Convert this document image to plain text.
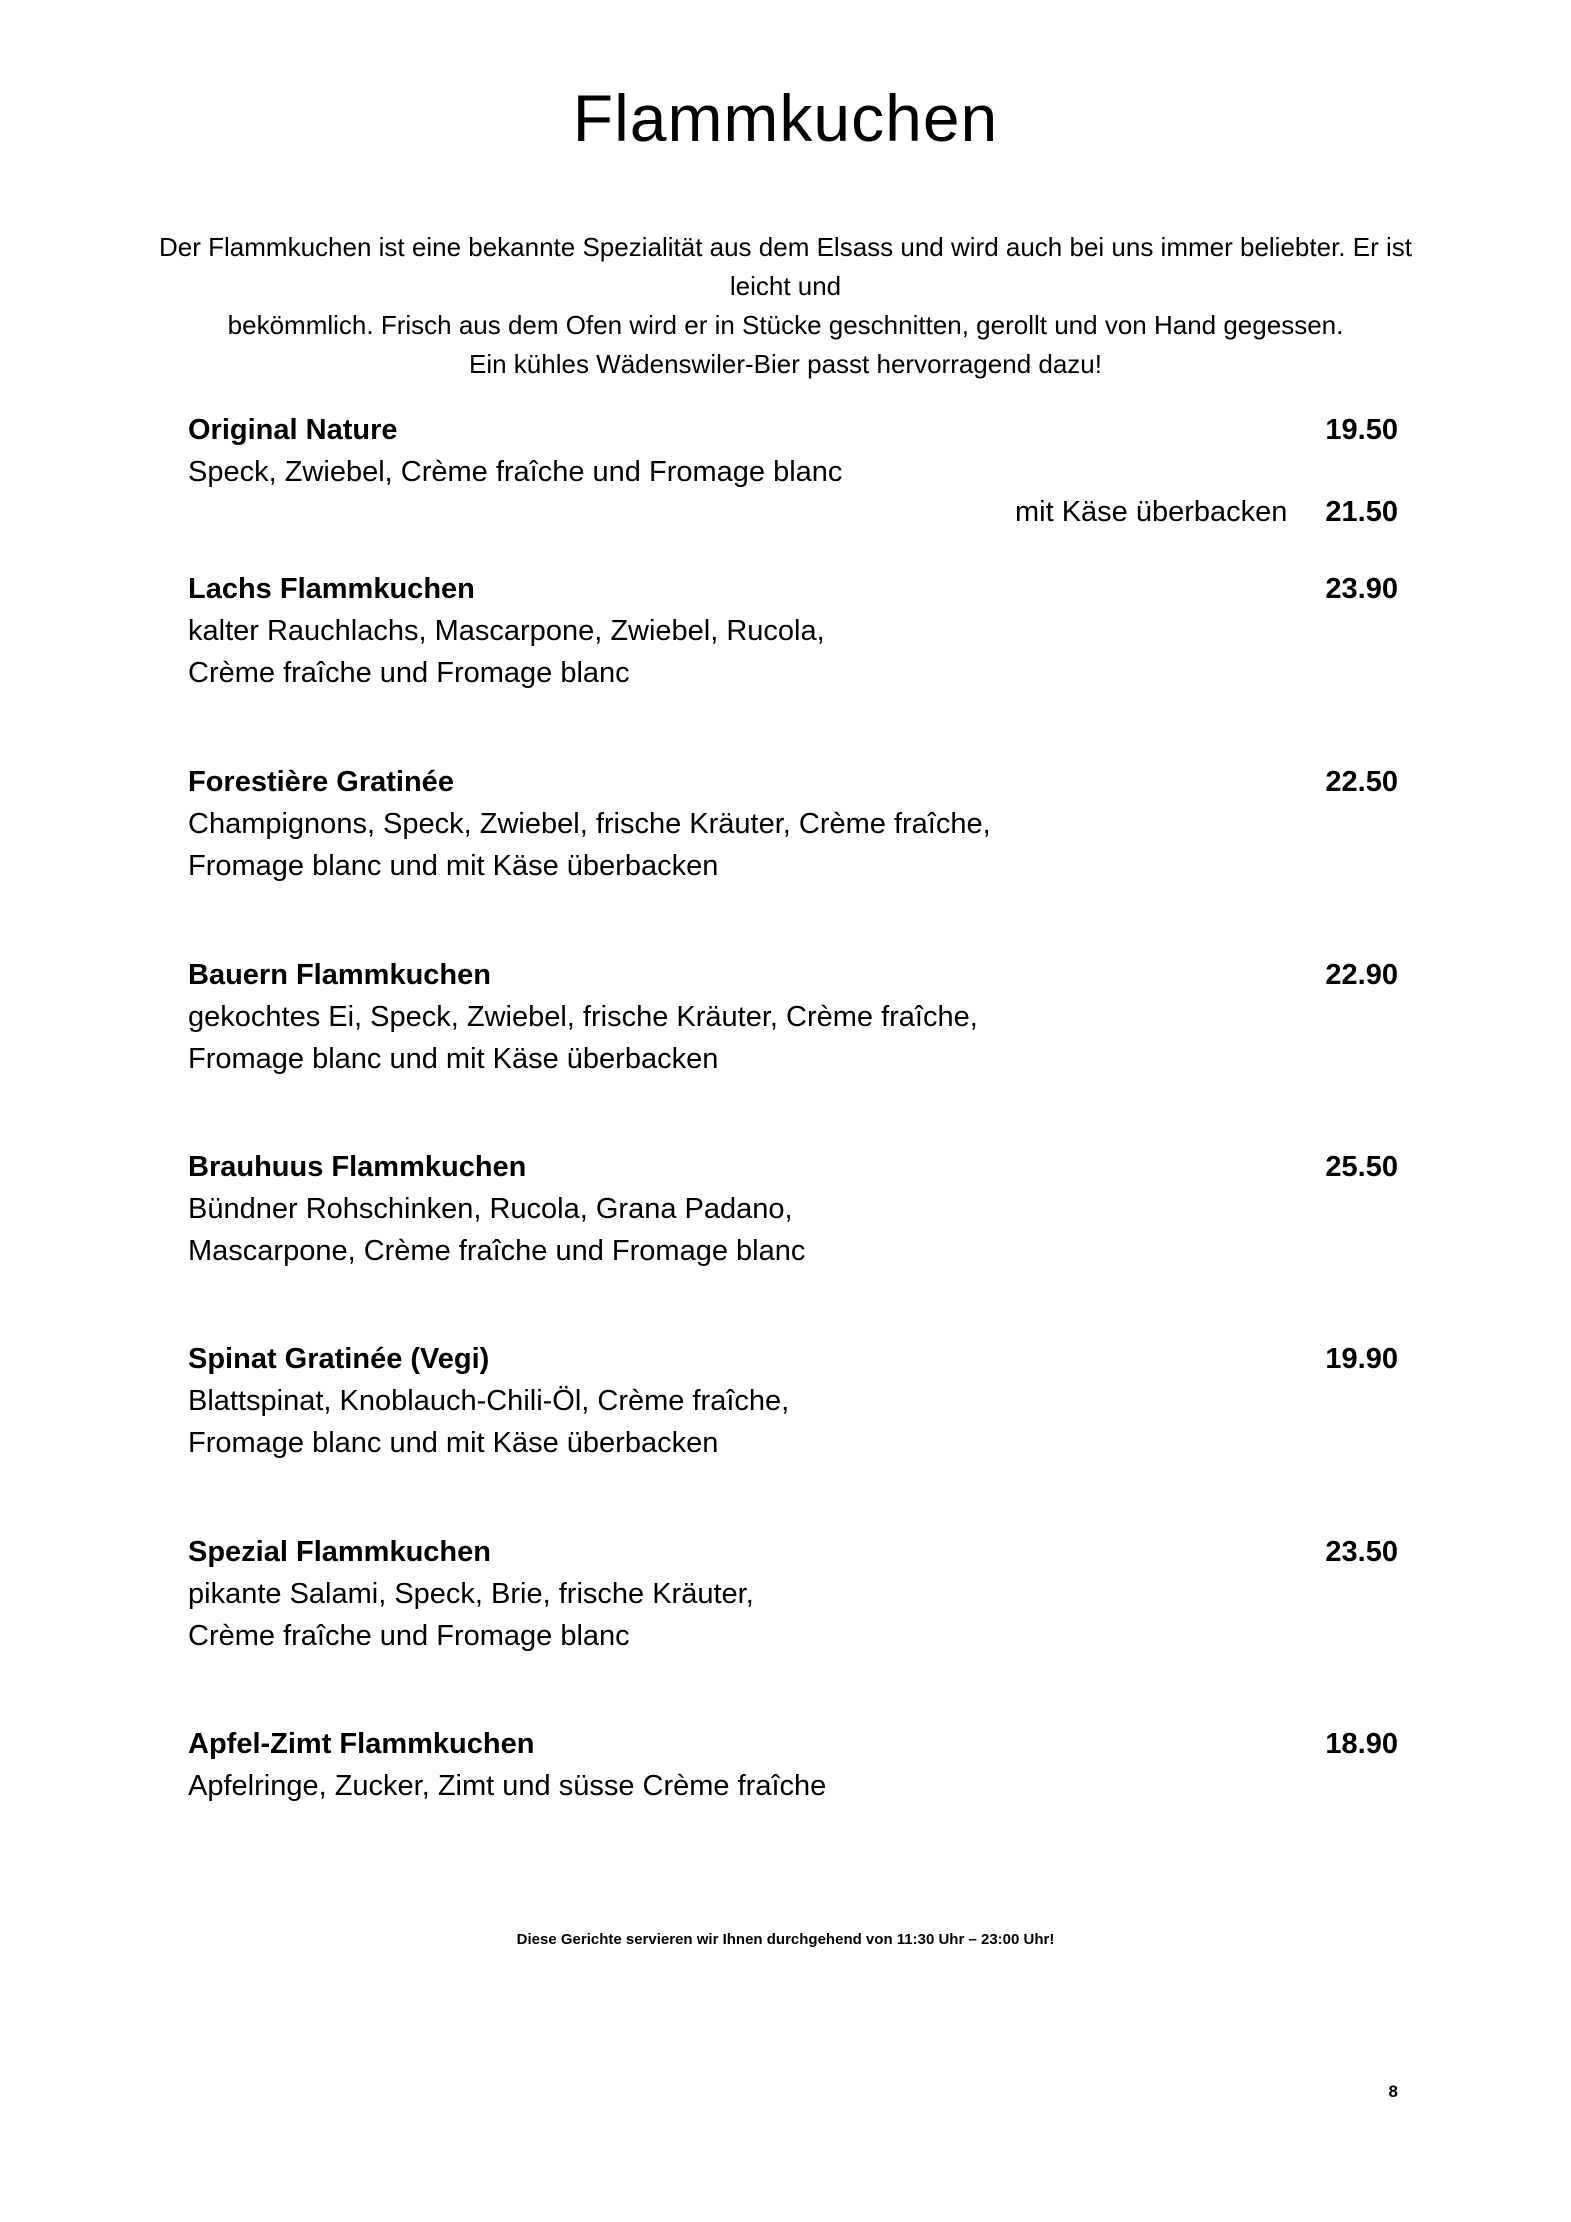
Flammkuchen

Der Flammkuchen ist eine bekannte Spezialität aus dem Elsass und wird auch bei uns immer beliebter. Er ist leicht und
bekömmlich. Frisch aus dem Ofen wird er in Stücke geschnitten, gerollt und von Hand gegessen.
Ein kühles Wädenswiler-Bier passt hervorragend dazu!

Original Nature	19.50
Speck, Zwiebel, Crème fraîche und Fromage blanc
mit Käse überbacken 21.50
Lachs Flammkuchen	23.90
kalter Rauchlachs, Mascarpone, Zwiebel, Rucola,
Crème fraîche und Fromage blanc
Forestière Gratinée	22.50
Champignons, Speck, Zwiebel, frische Kräuter, Crème fraîche,
Fromage blanc und mit Käse überbacken
Bauern Flammkuchen	22.90
gekochtes Ei, Speck, Zwiebel, frische Kräuter, Crème fraîche,
Fromage blanc und mit Käse überbacken
Brauhuus Flammkuchen	25.50
Bündner Rohschinken, Rucola, Grana Padano,
Mascarpone, Crème fraîche und Fromage blanc
Spinat Gratinée (Vegi)	19.90
Blattspinat, Knoblauch-Chili-Öl, Crème fraîche,
Fromage blanc und mit Käse überbacken
Spezial Flammkuchen	23.50
pikante Salami, Speck, Brie, frische Kräuter,
Crème fraîche und Fromage blanc
Apfel-Zimt Flammkuchen	18.90
Apfelringe, Zucker, Zimt und süsse Crème fraîche

Diese Gerichte servieren wir Ihnen durchgehend von 11:30 Uhr – 23:00 Uhr!

8
